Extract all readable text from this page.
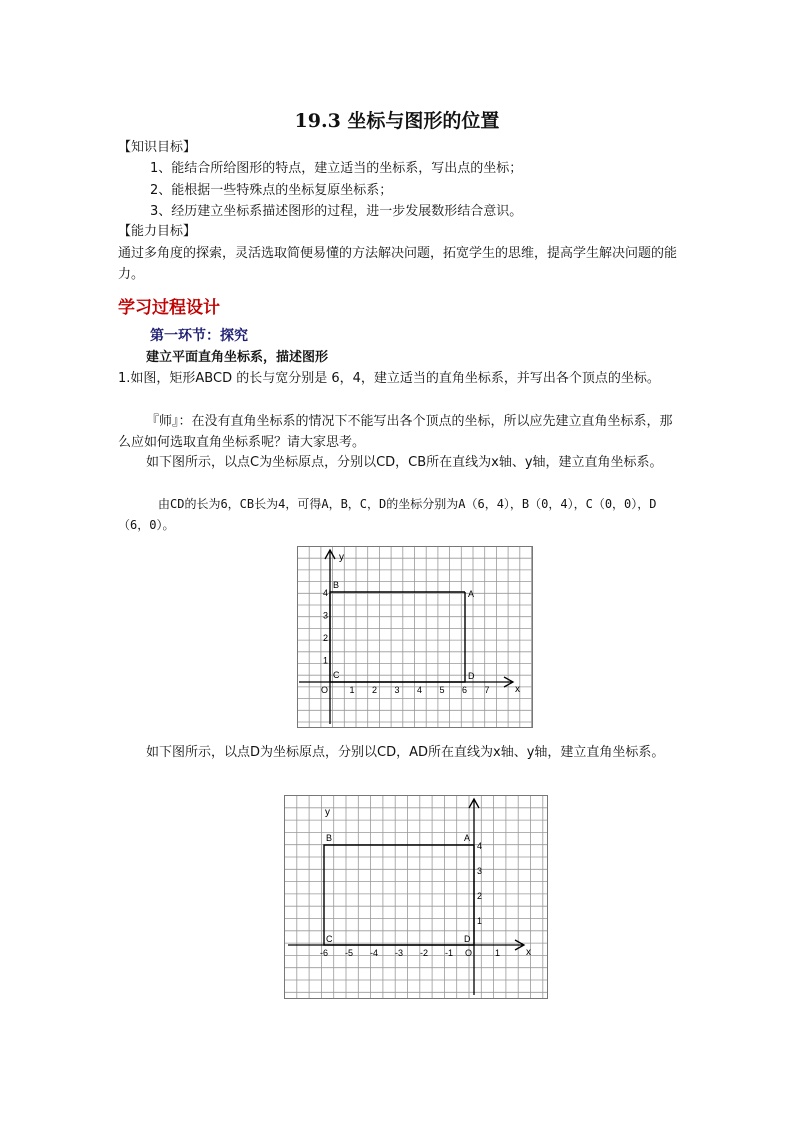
19.3 坐标与图形的位置
【知识目标】
1、能结合所给图形的特点，建立适当的坐标系，写出点的坐标；
2、能根据一些特殊点的坐标复原坐标系；
3、经历建立坐标系描述图形的过程，进一步发展数形结合意识。
【能力目标】
通过多角度的探索，灵活选取简便易懂的方法解决问题，拓宽学生的思维，提高学生解决问题的能力。
学习过程设计
第一环节：探究
建立平面直角坐标系，描述图形
1.如图，矩形ABCD 的长与宽分别是 6，4，建立适当的直角坐标系，并写出各个顶点的坐标。
『师』：在没有直角坐标系的情况下不能写出各个顶点的坐标，所以应先建立直角坐标系，那么应如何选取直角坐标系呢？请大家思考。
如下图所示，以点C为坐标原点，分别以CD，CB所在直线为x轴、y轴，建立直角坐标系。
由CD的长为6，CB长为4，可得A，B，C，D的坐标分别为A（6，4），B（0，4），C（0，0），D（6，0）。
x
y
O 1 2 3 4 5 6 7
1
2
3
4	A
B
C	D
如下图所示，以点D为坐标原点，分别以CD，AD所在直线为x轴、y轴，建立直角坐标系。
x
y
-6 -5 -4 -3 -2 -1 O	1
1
2
3
4
A
B
C	D
